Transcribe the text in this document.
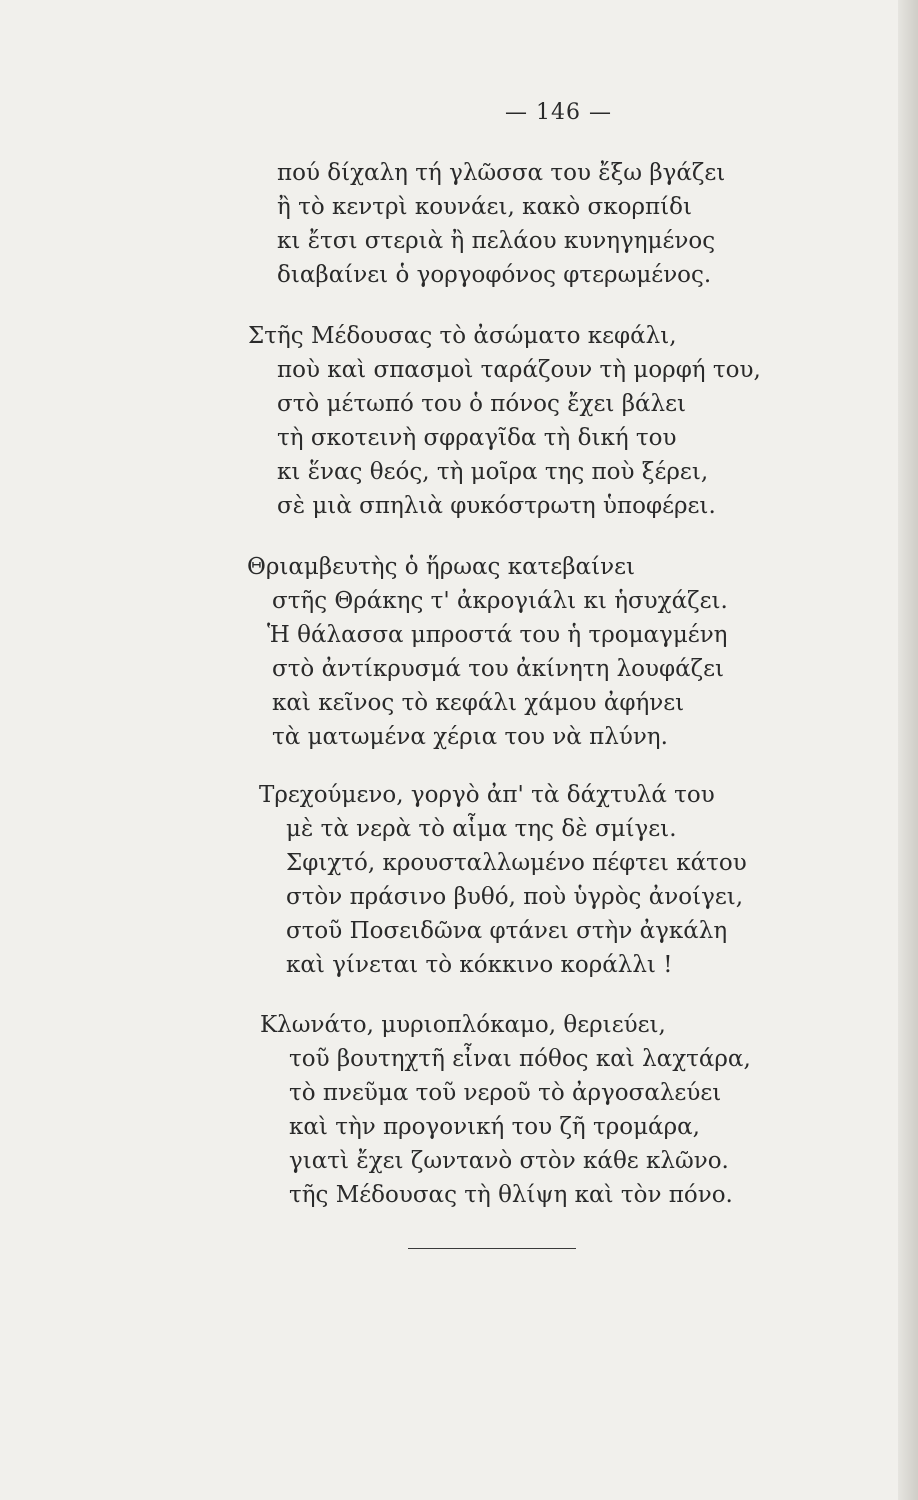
— 146 —
πού δίχαλη τή γλῶσσα του ἔξω βγάζει
ἢ τὸ κεντρὶ κουνάει, κακὸ σκορπίδι
κι ἔτσι στεριὰ ἢ πελάου κυνηγημένος
διαβαίνει ὁ γοργοφόνος φτερωμένος.
Στῆς Μέδουσας τὸ ἀσώματο κεφάλι,
ποὺ καὶ σπασμοὶ ταράζουν τὴ μορφή του,
στὸ μέτωπό του ὁ πόνος ἔχει βάλει
τὴ σκοτεινὴ σφραγῖδα τὴ δική του
κι ἕνας θεός, τὴ μοῖρα της ποὺ ξέρει,
σὲ μιὰ σπηλιὰ φυκόστρωτη ὑποφέρει.
Θριαμβευτὴς ὁ ἥρωας κατεβαίνει
στῆς Θράκης τ' ἀκρογιάλι κι ἡσυχάζει.
Ἡ θάλασσα μπροστά του ἡ τρομαγμένη
στὸ ἀντίκρυσμά του ἀκίνητη λουφάζει
καὶ κεῖνος τὸ κεφάλι χάμου ἀφήνει
τὰ ματωμένα χέρια του νὰ πλύνη.
Τρεχούμενο, γοργὸ ἀπ' τὰ δάχτυλά του
μὲ τὰ νερὰ τὸ αἷμα της δὲ σμίγει.
Σφιχτό, κρουσταλλωμένο πέφτει κάτου
στὸν πράσινο βυθό, ποὺ ὑγρὸς ἀνοίγει,
στοῦ Ποσειδῶνα φτάνει στὴν ἀγκάλη
καὶ γίνεται τὸ κόκκινο κοράλλι !
Κλωνάτο, μυριοπλόκαμο, θεριεύει,
τοῦ βουτηχτῆ εἶναι πόθος καὶ λαχτάρα,
τὸ πνεῦμα τοῦ νεροῦ τὸ ἀργοσαλεύει
καὶ τὴν προγονική του ζῆ τρομάρα,
γιατὶ ἔχει ζωντανὸ στὸν κάθε κλῶνο.
τῆς Μέδουσας τὴ θλίψη καὶ τὸν πόνο.
